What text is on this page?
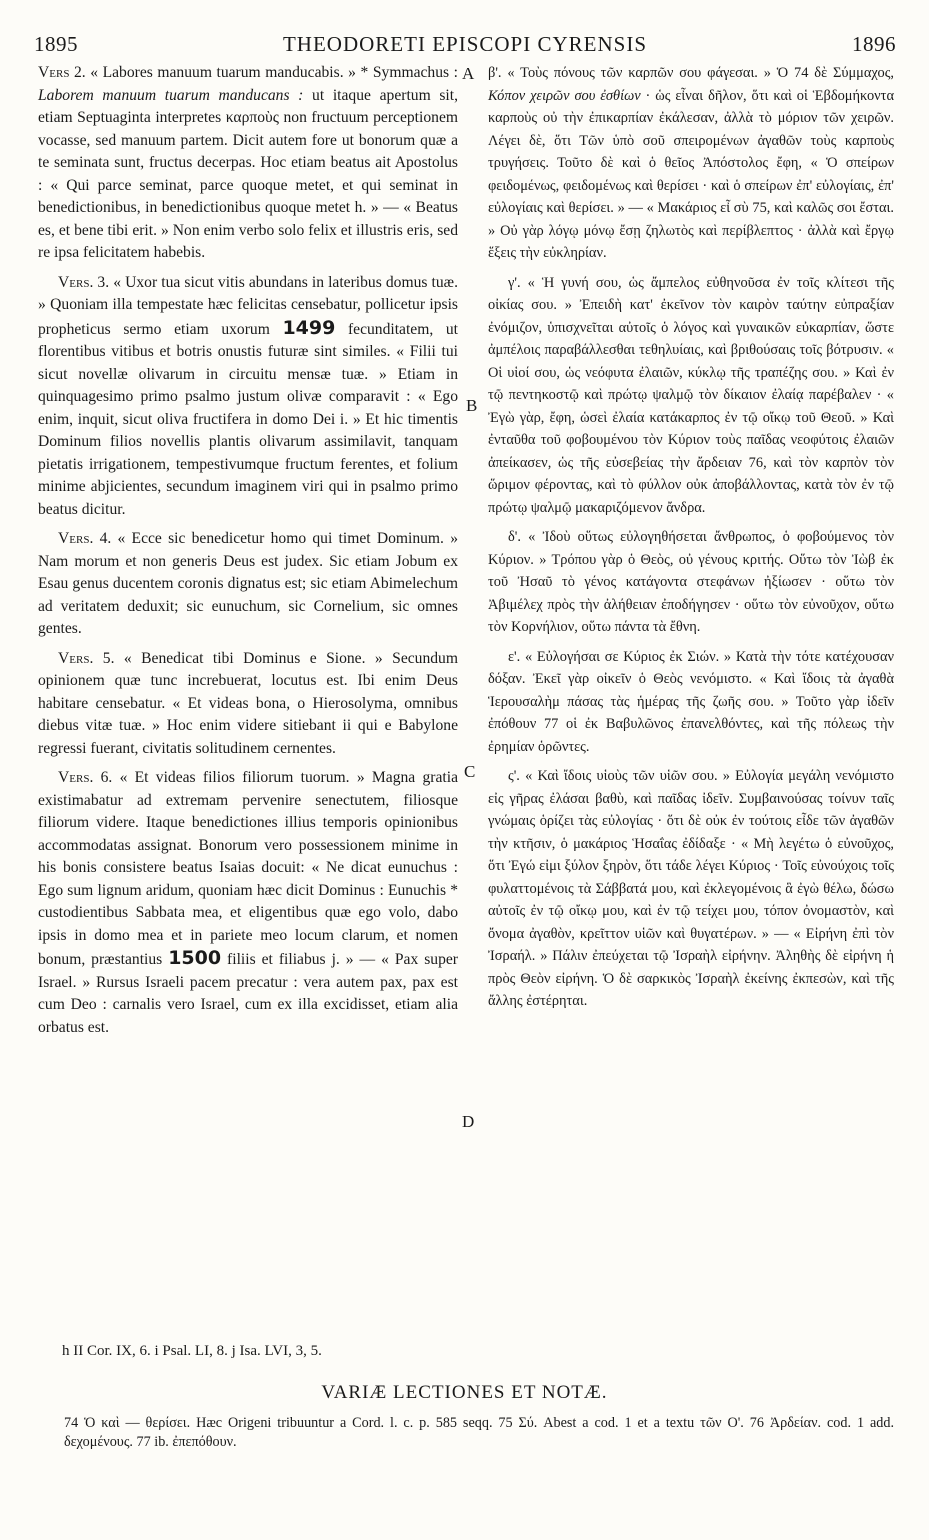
1895	THEODORETI EPISCOPI CYRENSIS	1896

Vers 2. « Labores manuum tuarum manducabis. » * Symmachus : Laborem manuum tuarum manducans : ut itaque apertum sit, etiam Septuaginta interpretes καρποὺς non fructuum perceptionem vocasse, sed manuum partem. Dicit autem fore ut bonorum quæ a te seminata sunt, fructus decerpas. Hoc etiam beatus ait Apostolus : « Qui parce seminat, parce quoque metet, et qui seminat in benedictionibus, in benedictionibus quoque metet h. » — « Beatus es, et bene tibi erit. » Non enim verbo solo felix et illustris eris, sed re ipsa felicitatem habebis.

Vers. 3. « Uxor tua sicut vitis abundans in lateribus domus tuæ. » Quoniam illa tempestate hæc felicitas censebatur, pollicetur ipsis propheticus sermo etiam uxorum 1499 fecunditatem, ut florentibus vitibus et botris onustis futuræ sint similes. « Filii tui sicut novellæ olivarum in circuitu mensæ tuæ. » Etiam in quinquagesimo primo psalmo justum olivæ comparavit : « Ego enim, inquit, sicut oliva fructifera in domo Dei i. » Et hic timentis Dominum filios novellis plantis olivarum assimilavit, tanquam pietatis irrigationem, tempestivumque fructum ferentes, et folium minime abjicientes, secundum imaginem viri qui in psalmo primo beatus dicitur.

Vers. 4. « Ecce sic benedicetur homo qui timet Dominum. » Nam morum et non generis Deus est judex. Sic etiam Jobum ex Esau genus ducentem coronis dignatus est; sic etiam Abimelechum ad veritatem deduxit; sic eunuchum, sic Cornelium, sic omnes gentes.

Vers. 5. « Benedicat tibi Dominus e Sione. » Secundum opinionem quæ tunc increbuerat, locutus est. Ibi enim Deus habitare censebatur. « Et videas bona, o Hierosolyma, omnibus diebus vitæ tuæ. » Hoc enim videre sitiebant ii qui e Babylone regressi fuerant, civitatis solitudinem cernentes.

Vers. 6. « Et videas filios filiorum tuorum. » Magna gratia existimabatur ad extremam pervenire senectutem, filiosque filiorum videre. Itaque benedictiones illius temporis opinionibus accommodatas assignat. Bonorum vero possessionem minime in his bonis consistere beatus Isaias docuit: « Ne dicat eunuchus : Ego sum lignum aridum, quoniam hæc dicit Dominus : Eunuchis * custodientibus Sabbata mea, et eligentibus quæ ego volo, dabo ipsis in domo mea et in pariete meo locum clarum, et nomen bonum, præstantius 1500 filiis et filiabus j. » — « Pax super Israel. » Rursus Israeli pacem precatur : vera autem pax, pax est cum Deo : carnalis vero Israel, cum ex illa excidisset, etiam alia orbatus est.

A
B
C
D

β'. « Τοὺς πόνους τῶν καρπῶν σου φάγεσαι. » Ὁ 74 δὲ Σύμμαχος, Κόπον χειρῶν σου ἐσθίων · ὡς εἶναι δῆλον, ὅτι καὶ οἱ Ἑβδομήκοντα καρποὺς οὐ τὴν ἐπικαρπίαν ἐκάλεσαν, ἀλλὰ τὸ μόριον τῶν χειρῶν. Λέγει δὲ, ὅτι Τῶν ὑπὸ σοῦ σπειρομένων ἀγαθῶν τοὺς καρποὺς τρυγήσεις. Τοῦτο δὲ καὶ ὁ θεῖος Ἀπόστολος ἔφη, « Ὁ σπείρων φειδομένως, φειδομένως καὶ θερίσει · καὶ ὁ σπείρων ἐπ' εὐλογίαις, ἐπ' εὐλογίαις καὶ θερίσει. » — « Μακάριος εἶ σὺ 75, καὶ καλῶς σοι ἔσται. » Οὐ γὰρ λόγῳ μόνῳ ἔσῃ ζηλωτὸς καὶ περίβλεπτος · ἀλλὰ καὶ ἔργῳ ἕξεις τὴν εὐκληρίαν.

γ'. « Ἡ γυνή σου, ὡς ἄμπελος εὐθηνοῦσα ἐν τοῖς κλίτεσι τῆς οἰκίας σου. » Ἐπειδὴ κατ' ἐκεῖνον τὸν καιρὸν ταύτην εὐπραξίαν ἐνόμιζον, ὑπισχνεῖται αὐτοῖς ὁ λόγος καὶ γυναικῶν εὐκαρπίαν, ὥστε ἀμπέλοις παραβάλλεσθαι τεθηλυίαις, καὶ βριθούσαις τοῖς βότρυσιν. « Οἱ υἱοί σου, ὡς νεόφυτα ἐλαιῶν, κύκλῳ τῆς τραπέζης σου. » Καὶ ἐν τῷ πεντηκοστῷ καὶ πρώτῳ ψαλμῷ τὸν δίκαιον ἐλαίᾳ παρέβαλεν · « Ἐγὼ γὰρ, ἔφη, ὡσεὶ ἐλαία κατάκαρπος ἐν τῷ οἴκῳ τοῦ Θεοῦ. » Καὶ ἐνταῦθα τοῦ φοβουμένου τὸν Κύριον τοὺς παῖδας νεοφύτοις ἐλαιῶν ἀπείκασεν, ὡς τῆς εὐσεβείας τὴν ἄρδειαν 76, καὶ τὸν καρπὸν τὸν ὥριμον φέροντας, καὶ τὸ φύλλον οὐκ ἀποβάλλοντας, κατὰ τὸν ἐν τῷ πρώτῳ ψαλμῷ μακαριζόμενον ἄνδρα.

δ'. « Ἰδοὺ οὕτως εὐλογηθήσεται ἄνθρωπος, ὁ φοβούμενος τὸν Κύριον. » Τρόπου γὰρ ὁ Θεὸς, οὐ γένους κριτής. Οὕτω τὸν Ἰὼβ ἐκ τοῦ Ἠσαῦ τὸ γένος κατάγοντα στεφάνων ἠξίωσεν · οὕτω τὸν Ἀβιμέλεχ πρὸς τὴν ἀλήθειαν ἐποδήγησεν · οὕτω τὸν εὐνοῦχον, οὕτω τὸν Κορνήλιον, οὕτω πάντα τὰ ἔθνη.

ε'. « Εὐλογήσαι σε Κύριος ἐκ Σιών. » Κατὰ τὴν τότε κατέχουσαν δόξαν. Ἐκεῖ γὰρ οἰκεῖν ὁ Θεὸς νενόμιστο. « Καὶ ἴδοις τὰ ἀγαθὰ Ἱερουσαλὴμ πάσας τὰς ἡμέρας τῆς ζωῆς σου. » Τοῦτο γὰρ ἰδεῖν ἐπόθουν 77 οἱ ἐκ Βαβυλῶνος ἐπανελθόντες, καὶ τῆς πόλεως τὴν ἐρημίαν ὁρῶντες.

ς'. « Καὶ ἴδοις υἱοὺς τῶν υἱῶν σου. » Εὐλογία μεγάλη νενόμιστο εἰς γῆρας ἐλάσαι βαθὺ, καὶ παῖδας ἰδεῖν. Συμβαινούσας τοίνυν ταῖς γνώμαις ὁρίζει τὰς εὐλογίας · ὅτι δὲ οὐκ ἐν τούτοις εἶδε τῶν ἀγαθῶν τὴν κτῆσιν, ὁ μακάριος Ἡσαΐας ἐδίδαξε · « Μὴ λεγέτω ὁ εὐνοῦχος, ὅτι Ἐγώ εἰμι ξύλον ξηρὸν, ὅτι τάδε λέγει Κύριος · Τοῖς εὐνούχοις τοῖς φυλαττομένοις τὰ Σάββατά μου, καὶ ἐκλεγομένοις ἃ ἐγὼ θέλω, δώσω αὐτοῖς ἐν τῷ οἴκῳ μου, καὶ ἐν τῷ τείχει μου, τόπον ὀνομαστὸν, καὶ ὄνομα ἀγαθὸν, κρεῖττον υἱῶν καὶ θυγατέρων. » — « Εἰρήνη ἐπὶ τὸν Ἰσραήλ. » Πάλιν ἐπεύχεται τῷ Ἰσραὴλ εἰρήνην. Ἀληθὴς δὲ εἰρήνη ἡ πρὸς Θεὸν εἰρήνη. Ὁ δὲ σαρκικὸς Ἰσραὴλ ἐκείνης ἐκπεσὼν, καὶ τῆς ἄλλης ἐστέρηται.

h II Cor. IX, 6. i Psal. LI, 8. j Isa. LVI, 3, 5.
VARIÆ LECTIONES ET NOTÆ.
74 Ὁ καὶ — θερίσει. Hæc Origeni tribuuntur a Cord. l. c. p. 585 seqq. 75 Σύ. Abest a cod. 1 et a textu τῶν O'. 76 Ἀρδείαν. cod. 1 add. δεχομένους. 77 ib. ἐπεπόθουν.
